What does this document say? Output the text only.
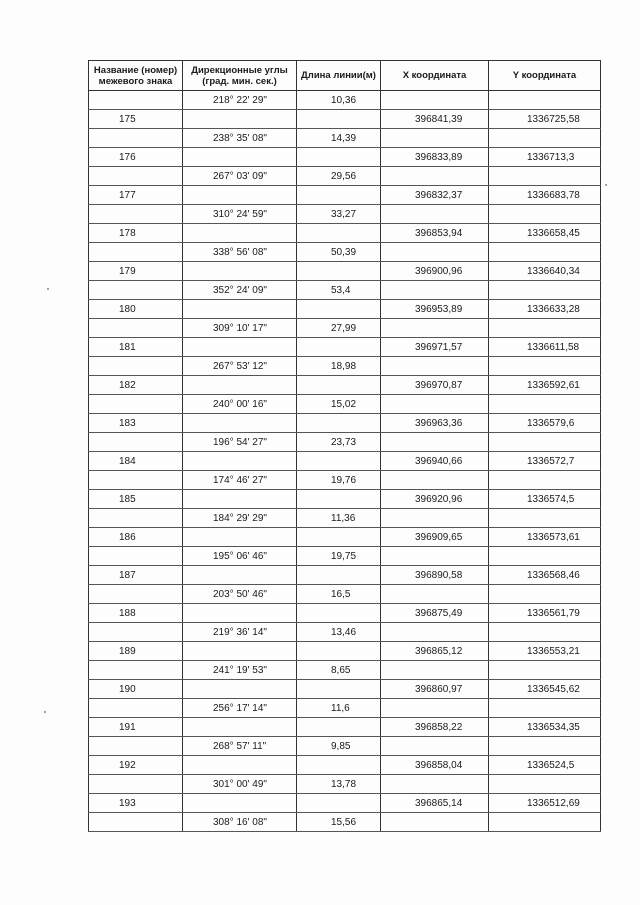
Название (номер) межевого знака	Дирекционные углы (град. мин. сек.)	Длина линии(м)	X координата	Y координата
	218° 22' 29"	10,36		
175			396841,39	1336725,58
	238° 35' 08"	14,39		
176			396833,89	1336713,3
	267° 03' 09"	29,56		
177			396832,37	1336683,78
	310° 24' 59"	33,27		
178			396853,94	1336658,45
	338° 56' 08"	50,39		
179			396900,96	1336640,34
	352° 24' 09"	53,4		
180			396953,89	1336633,28
	309° 10' 17"	27,99		
181			396971,57	1336611,58
	267° 53' 12"	18,98		
182			396970,87	1336592,61
	240° 00' 16"	15,02		
183			396963,36	1336579,6
	196° 54' 27"	23,73		
184			396940,66	1336572,7
	174° 46' 27"	19,76		
185			396920,96	1336574,5
	184° 29' 29"	11,36		
186			396909,65	1336573,61
	195° 06' 46"	19,75		
187			396890,58	1336568,46
	203° 50' 46"	16,5		
188			396875,49	1336561,79
	219° 36' 14"	13,46		
189			396865,12	1336553,21
	241° 19' 53"	8,65		
190			396860,97	1336545,62
	256° 17' 14"	11,6		
191			396858,22	1336534,35
	268° 57' 11"	9,85		
192			396858,04	1336524,5
	301° 00' 49"	13,78		
193			396865,14	1336512,69
	308° 16' 08"	15,56		
